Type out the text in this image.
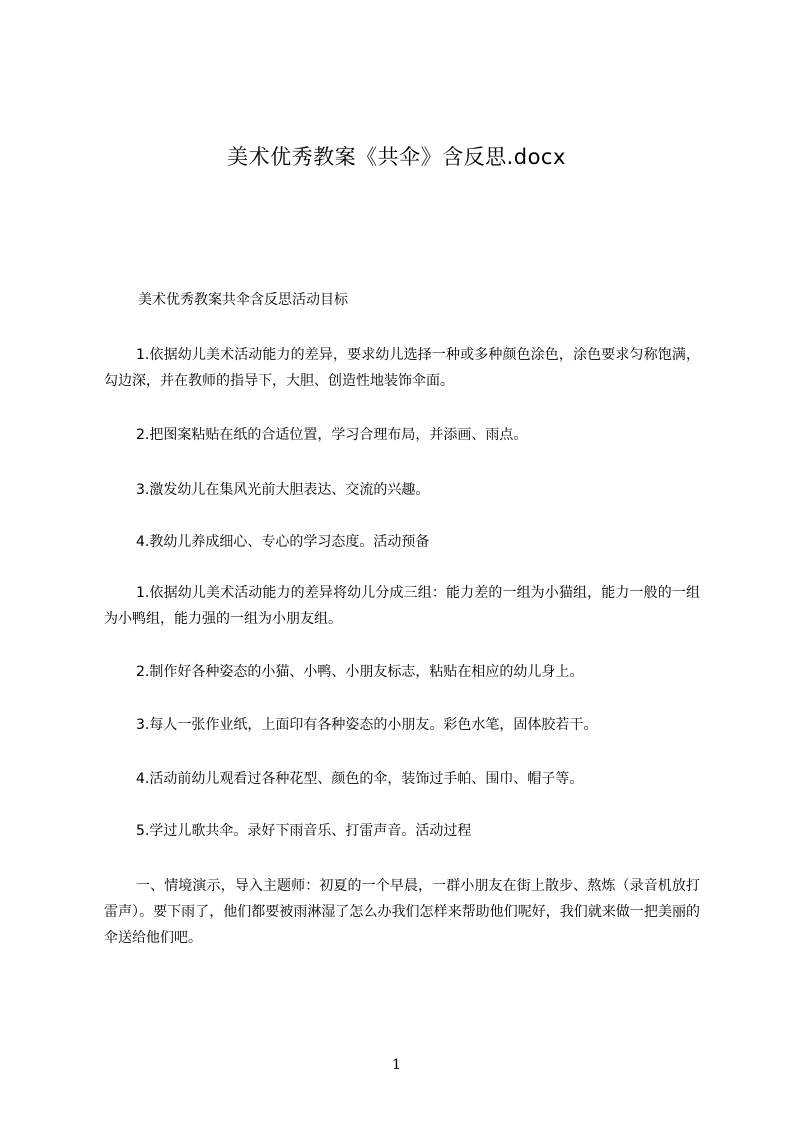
美术优秀教案《共伞》含反思.docx
美术优秀教案共伞含反思活动目标
1.依据幼儿美术活动能力的差异，要求幼儿选择一种或多种颜色涂色，涂色要求匀称饱满，勾边深，并在教师的指导下，大胆、创造性地装饰伞面。
2.把图案粘贴在纸的合适位置，学习合理布局，并添画、雨点。
3.激发幼儿在集风光前大胆表达、交流的兴趣。
4.教幼儿养成细心、专心的学习态度。活动预备
1.依据幼儿美术活动能力的差异将幼儿分成三组：能力差的一组为小猫组，能力一般的一组为小鸭组，能力强的一组为小朋友组。
2.制作好各种姿态的小猫、小鸭、小朋友标志，粘贴在相应的幼儿身上。
3.每人一张作业纸，上面印有各种姿态的小朋友。彩色水笔，固体胶若干。
4.活动前幼儿观看过各种花型、颜色的伞，装饰过手帕、围巾、帽子等。
5.学过儿歌共伞。录好下雨音乐、打雷声音。活动过程
一、情境演示，导入主题师：初夏的一个早晨，一群小朋友在街上散步、熬炼（录音机放打雷声）。要下雨了，他们都要被雨淋湿了怎么办我们怎样来帮助他们呢好，我们就来做一把美丽的伞送给他们吧。
1
